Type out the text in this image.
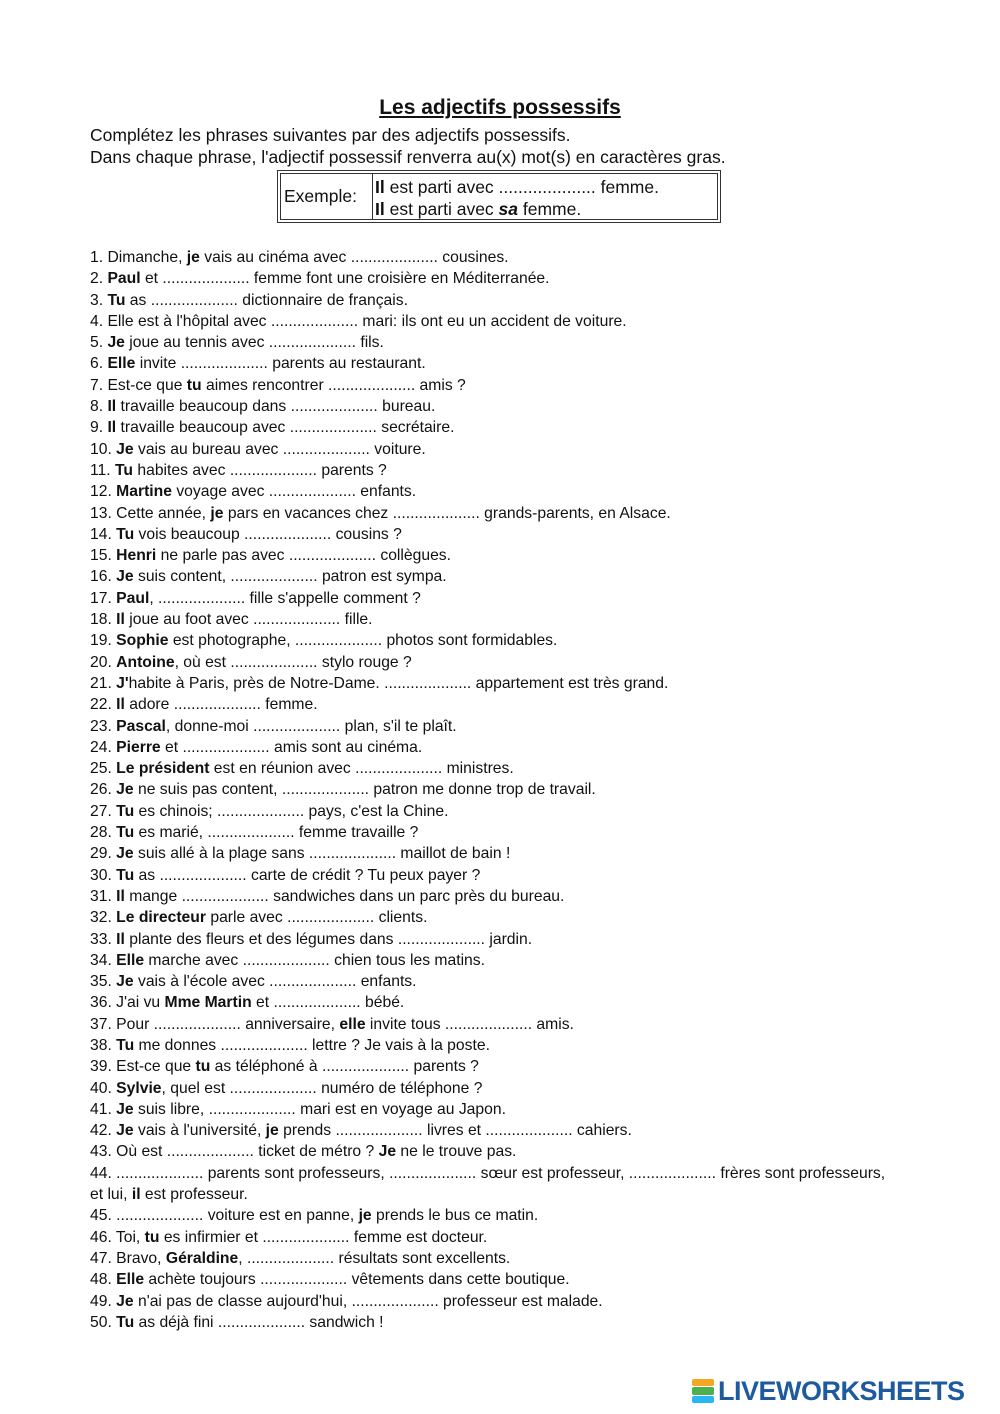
Les adjectifs possessifs
Complétez les phrases suivantes par des adjectifs possessifs.
Dans chaque phrase, l'adjectif possessif renverra au(x) mot(s) en caractères gras.
Exemple:	Il est parti avec .................... femme.
Il est parti avec sa femme.
1. Dimanche, je vais au cinéma avec .................... cousines.
2. Paul et .................... femme font une croisière en Méditerranée.
3. Tu as .................... dictionnaire de français.
4. Elle est à l'hôpital avec .................... mari: ils ont eu un accident de voiture.
5. Je joue au tennis avec .................... fils.
6. Elle invite .................... parents au restaurant.
7. Est-ce que tu aimes rencontrer .................... amis ?
8. Il travaille beaucoup dans .................... bureau.
9. Il travaille beaucoup avec .................... secrétaire.
10. Je vais au bureau avec .................... voiture.
11. Tu habites avec .................... parents ?
12. Martine voyage avec .................... enfants.
13. Cette année, je pars en vacances chez .................... grands-parents, en Alsace.
14. Tu vois beaucoup .................... cousins ?
15. Henri ne parle pas avec .................... collègues.
16. Je suis content, .................... patron est sympa.
17. Paul, .................... fille s'appelle comment ?
18. Il joue au foot avec .................... fille.
19. Sophie est photographe, .................... photos sont formidables.
20. Antoine, où est .................... stylo rouge ?
21. J'habite à Paris, près de Notre-Dame. .................... appartement est très grand.
22. Il adore .................... femme.
23. Pascal, donne-moi .................... plan, s'il te plaît.
24. Pierre et .................... amis sont au cinéma.
25. Le président est en réunion avec .................... ministres.
26. Je ne suis pas content, .................... patron me donne trop de travail.
27. Tu es chinois; .................... pays, c'est la Chine.
28. Tu es marié, .................... femme travaille ?
29. Je suis allé à la plage sans .................... maillot de bain !
30. Tu as .................... carte de crédit ? Tu peux payer ?
31. Il mange .................... sandwiches dans un parc près du bureau.
32. Le directeur parle avec .................... clients.
33. Il plante des fleurs et des légumes dans .................... jardin.
34. Elle marche avec .................... chien tous les matins.
35. Je vais à l'école avec .................... enfants.
36. J'ai vu Mme Martin et .................... bébé.
37. Pour .................... anniversaire, elle invite tous .................... amis.
38. Tu me donnes .................... lettre ? Je vais à la poste.
39. Est-ce que tu as téléphoné à .................... parents ?
40. Sylvie, quel est .................... numéro de téléphone ?
41. Je suis libre, .................... mari est en voyage au Japon.
42. Je vais à l'université, je prends .................... livres et .................... cahiers.
43. Où est .................... ticket de métro ? Je ne le trouve pas.
44. .................... parents sont professeurs, .................... sœur est professeur, .................... frères sont professeurs, et lui, il est professeur.
45. .................... voiture est en panne, je prends le bus ce matin.
46. Toi, tu es infirmier et .................... femme est docteur.
47. Bravo, Géraldine, .................... résultats sont excellents.
48. Elle achète toujours .................... vêtements dans cette boutique.
49. Je n'ai pas de classe aujourd'hui, .................... professeur est malade.
50. Tu as déjà fini .................... sandwich !
LIVEWORKSHEETS
